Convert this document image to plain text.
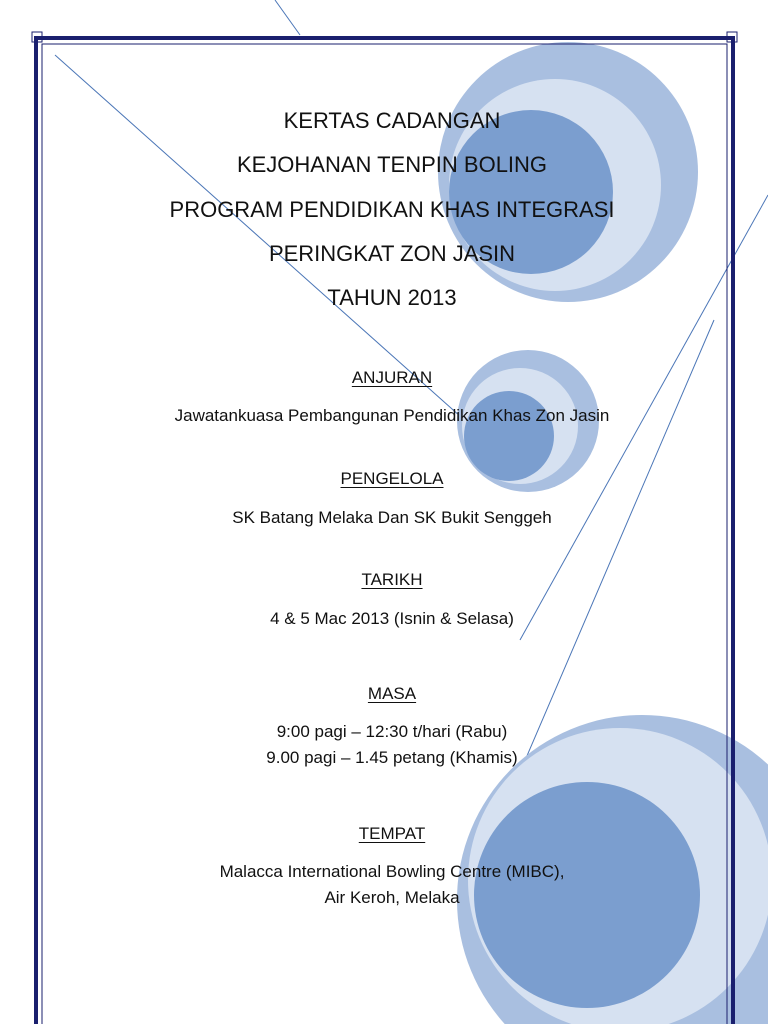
KERTAS CADANGAN

KEJOHANAN TENPIN BOLING

PROGRAM PENDIDIKAN KHAS INTEGRASI

PERINGKAT ZON JASIN

TAHUN 2013

ANJURAN

Jawatankuasa Pembangunan Pendidikan Khas Zon Jasin

PENGELOLA

SK Batang Melaka Dan SK Bukit Senggeh

TARIKH

4 & 5 Mac 2013 (Isnin & Selasa)

MASA

9:00 pagi – 12:30 t/hari (Rabu)

9.00 pagi – 1.45 petang (Khamis)

TEMPAT

Malacca International Bowling Centre (MIBC),

Air Keroh, Melaka
